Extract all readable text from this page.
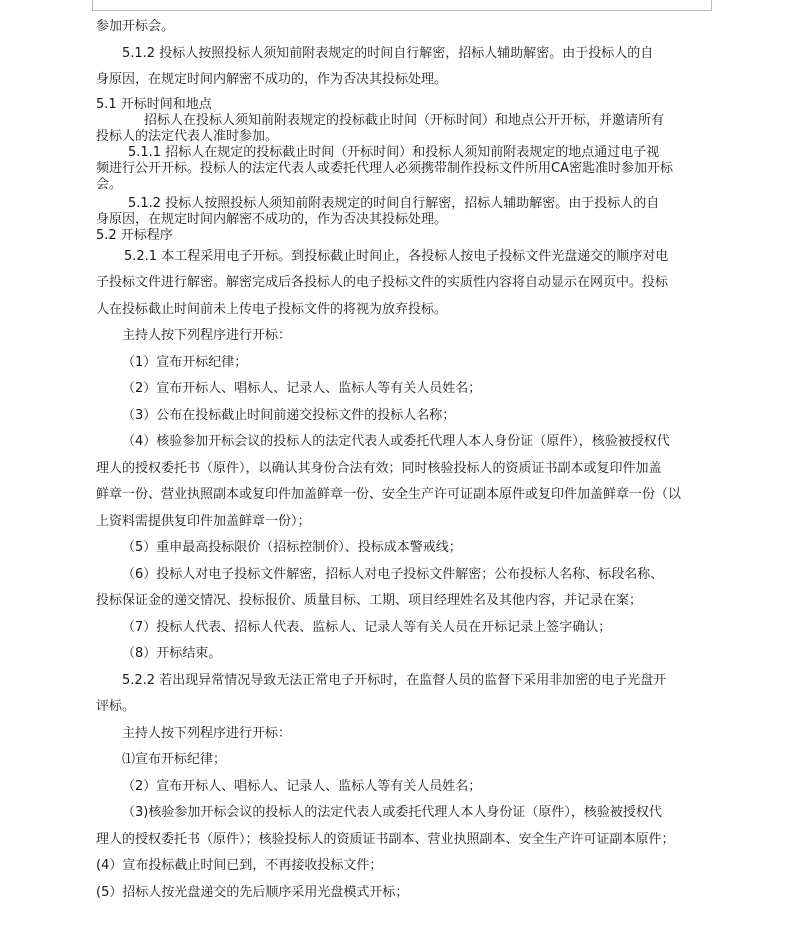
参加开标会。
5.1.2 投标人按照投标人须知前附表规定的时间自行解密，招标人辅助解密。由于投标人的自
身原因，在规定时间内解密不成功的，作为否决其投标处理。
5.1 开标时间和地点
招标人在投标人须知前附表规定的投标截止时间（开标时间）和地点公开开标，并邀请所有
投标人的法定代表人准时参加。
5.1.1 招标人在规定的投标截止时间（开标时间）和投标人须知前附表规定的地点通过电子视
频进行公开开标。投标人的法定代表人或委托代理人必须携带制作投标文件所用CA密匙准时参加开标
会。
5.1.2 投标人按照投标人须知前附表规定的时间自行解密，招标人辅助解密。由于投标人的自
身原因，在规定时间内解密不成功的，作为否决其投标处理。
5.2 开标程序
5.2.1 本工程采用电子开标。到投标截止时间止，各投标人按电子投标文件光盘递交的顺序对电
子投标文件进行解密。解密完成后各投标人的电子投标文件的实质性内容将自动显示在网页中。投标
人在投标截止时间前未上传电子投标文件的将视为放弃投标。
主持人按下列程序进行开标：
（1）宣布开标纪律；
（2）宣布开标人、唱标人、记录人、监标人等有关人员姓名；
（3）公布在投标截止时间前递交投标文件的投标人名称；
（4）核验参加开标会议的投标人的法定代表人或委托代理人本人身份证（原件），核验被授权代
理人的授权委托书（原件），以确认其身份合法有效；同时核验投标人的资质证书副本或复印件加盖
鲜章一份、营业执照副本或复印件加盖鲜章一份、安全生产许可证副本原件或复印件加盖鲜章一份（以
上资料需提供复印件加盖鲜章一份）；
（5）重申最高投标限价（招标控制价）、投标成本警戒线；
（6）投标人对电子投标文件解密，招标人对电子投标文件解密；公布投标人名称、标段名称、
投标保证金的递交情况、投标报价、质量目标、工期、项目经理姓名及其他内容，并记录在案；
（7）投标人代表、招标人代表、监标人、记录人等有关人员在开标记录上签字确认；
（8）开标结束。
5.2.2 若出现异常情况导致无法正常电子开标时，在监督人员的监督下采用非加密的电子光盘开
评标。
主持人按下列程序进行开标：
⑴宣布开标纪律；
（2）宣布开标人、唱标人、记录人、监标人等有关人员姓名；
（3)核验参加开标会议的投标人的法定代表人或委托代理人本人身份证（原件），核验被授权代
理人的授权委托书（原件）；核验投标人的资质证书副本、营业执照副本、安全生产许可证副本原件；
(4）宣布投标截止时间已到，不再接收投标文件；
(5）招标人按光盘递交的先后顺序采用光盘模式开标；
